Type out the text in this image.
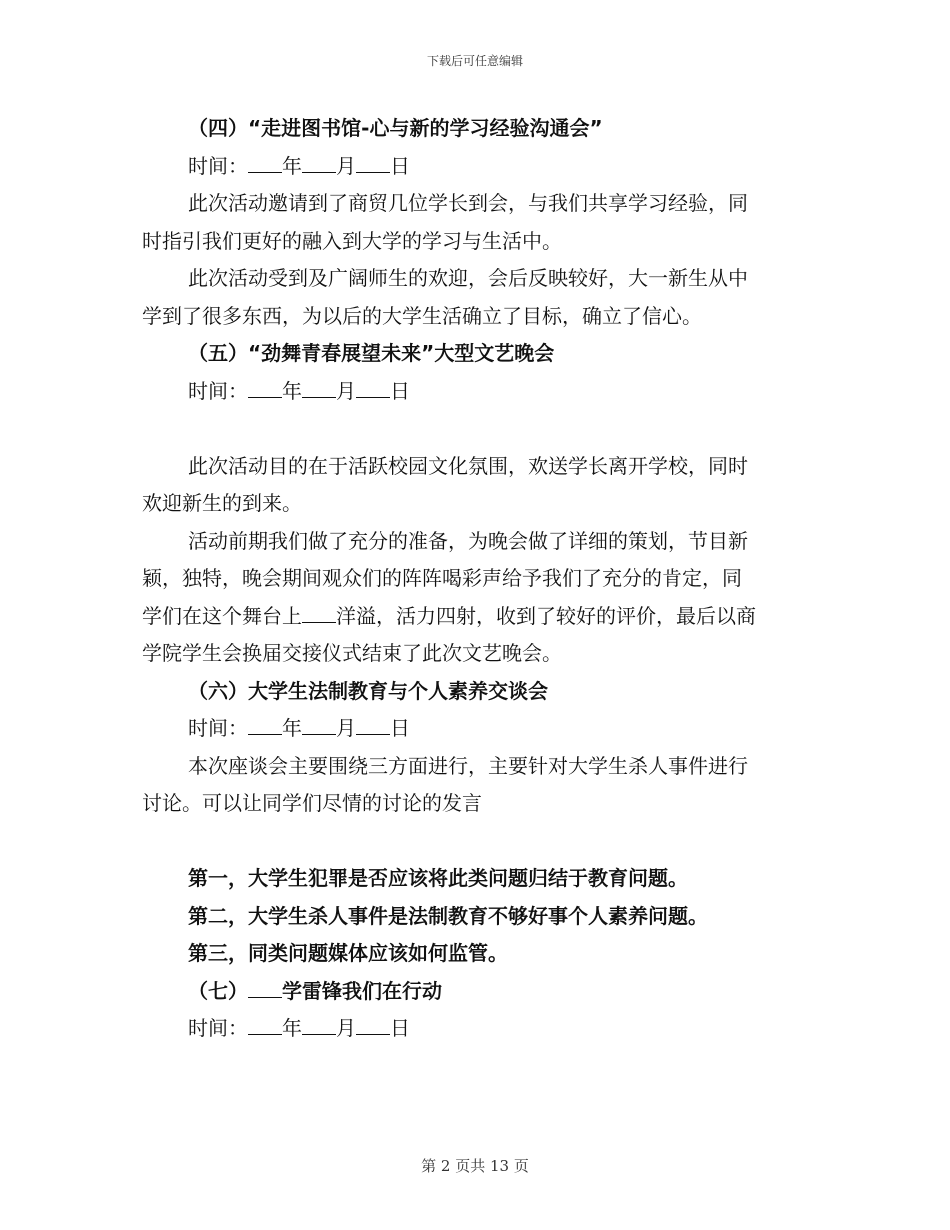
下载后可任意编辑
（四）“走进图书馆-心与新的学习经验沟通会”
时间： 年 月 日
此次活动邀请到了商贸几位学长到会，与我们共享学习经验，同
时指引我们更好的融入到大学的学习与生活中。
此次活动受到及广阔师生的欢迎，会后反映较好，大一新生从中
学到了很多东西，为以后的大学生活确立了目标，确立了信心。
（五）“劲舞青春展望未来”大型文艺晚会
时间： 年 月 日
此次活动目的在于活跃校园文化氛围，欢送学长离开学校，同时
欢迎新生的到来。
活动前期我们做了充分的准备，为晚会做了详细的策划，节目新
颖，独特，晚会期间观众们的阵阵喝彩声给予我们了充分的肯定，同
学们在这个舞台上 洋溢，活力四射，收到了较好的评价，最后以商
学院学生会换届交接仪式结束了此次文艺晚会。
（六）大学生法制教育与个人素养交谈会
时间： 年 月 日
本次座谈会主要围绕三方面进行，主要针对大学生杀人事件进行
讨论。可以让同学们尽情的讨论的发言
第一，大学生犯罪是否应该将此类问题归结于教育问题。
第二，大学生杀人事件是法制教育不够好事个人素养问题。
第三，同类问题媒体应该如何监管。
（七） 学雷锋我们在行动
时间： 年 月 日
第 2 页共 13 页
